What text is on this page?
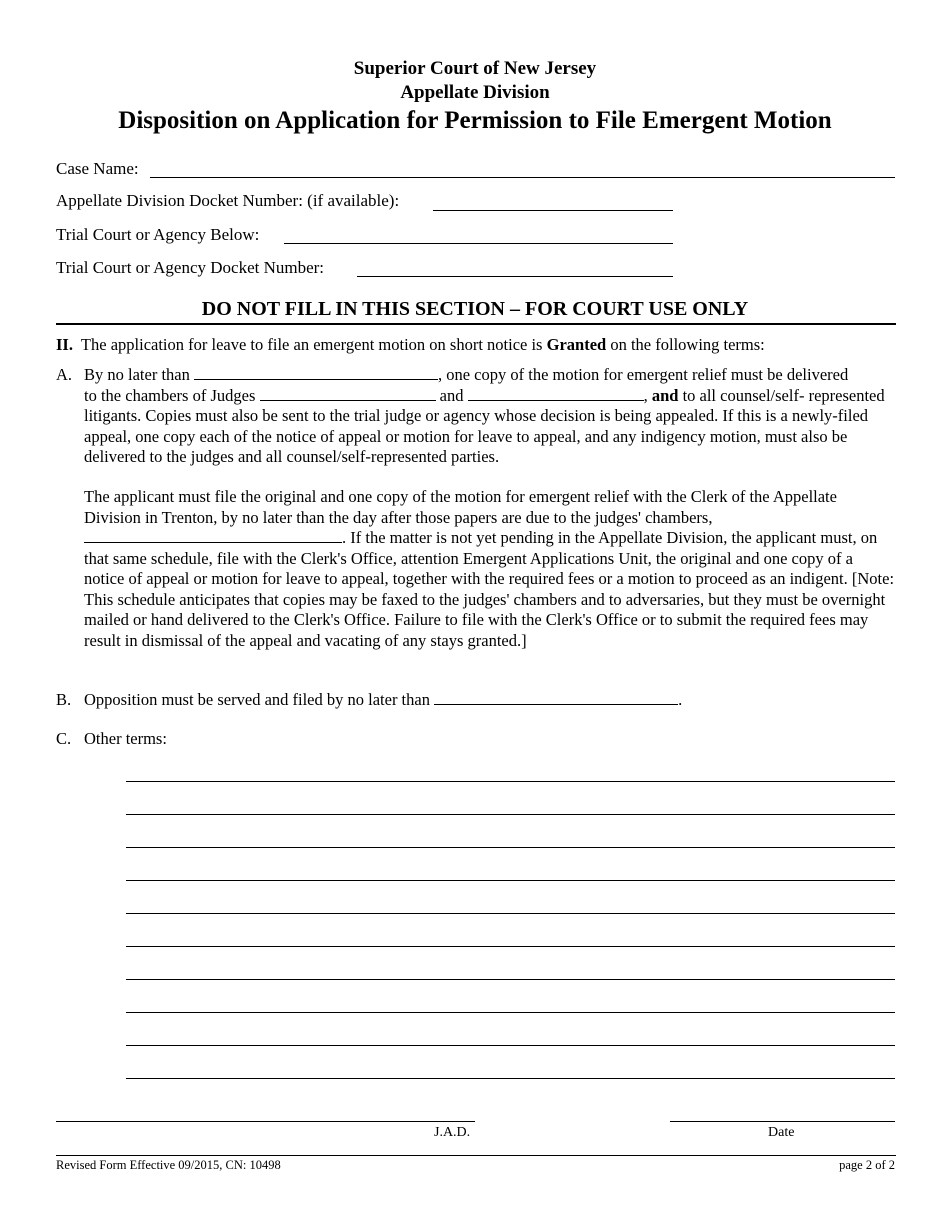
Superior Court of New Jersey
Appellate Division
Disposition on Application for Permission to File Emergent Motion
Case Name:
Appellate Division Docket Number: (if available):
Trial Court or Agency Below:
Trial Court or Agency Docket Number:
DO NOT FILL IN THIS SECTION – FOR COURT USE ONLY
II. The application for leave to file an emergent motion on short notice is Granted on the following terms:
A. By no later than	, one copy of the motion for emergent relief must be delivered
to the chambers of Judges	and	, and to all counsel/self- represented litigants. Copies must also be sent to the trial judge or agency whose decision is being appealed. If this is a newly-filed appeal, one copy each of the notice of appeal or motion for leave to appeal, and any indigency motion, must also be delivered to the judges and all counsel/self-represented parties.
The applicant must file the original and one copy of the motion for emergent relief with the Clerk of the Appellate Division in Trenton, by no later than the day after those papers are due to the judges' chambers, . If the matter is not yet pending in the Appellate Division, the applicant must, on that same schedule, file with the Clerk's Office, attention Emergent Applications Unit, the original and one copy of a notice of appeal or motion for leave to appeal, together with the required fees or a motion to proceed as an indigent. [Note: This schedule anticipates that copies may be faxed to the judges' chambers and to adversaries, but they must be overnight mailed or hand delivered to the Clerk's Office. Failure to file with the Clerk's Office or to submit the required fees may result in dismissal of the appeal and vacating of any stays granted.]
B. Opposition must be served and filed by no later than	.
C. Other terms:
J.A.D.	Date
Revised Form Effective 09/2015, CN: 10498	page 2 of 2
